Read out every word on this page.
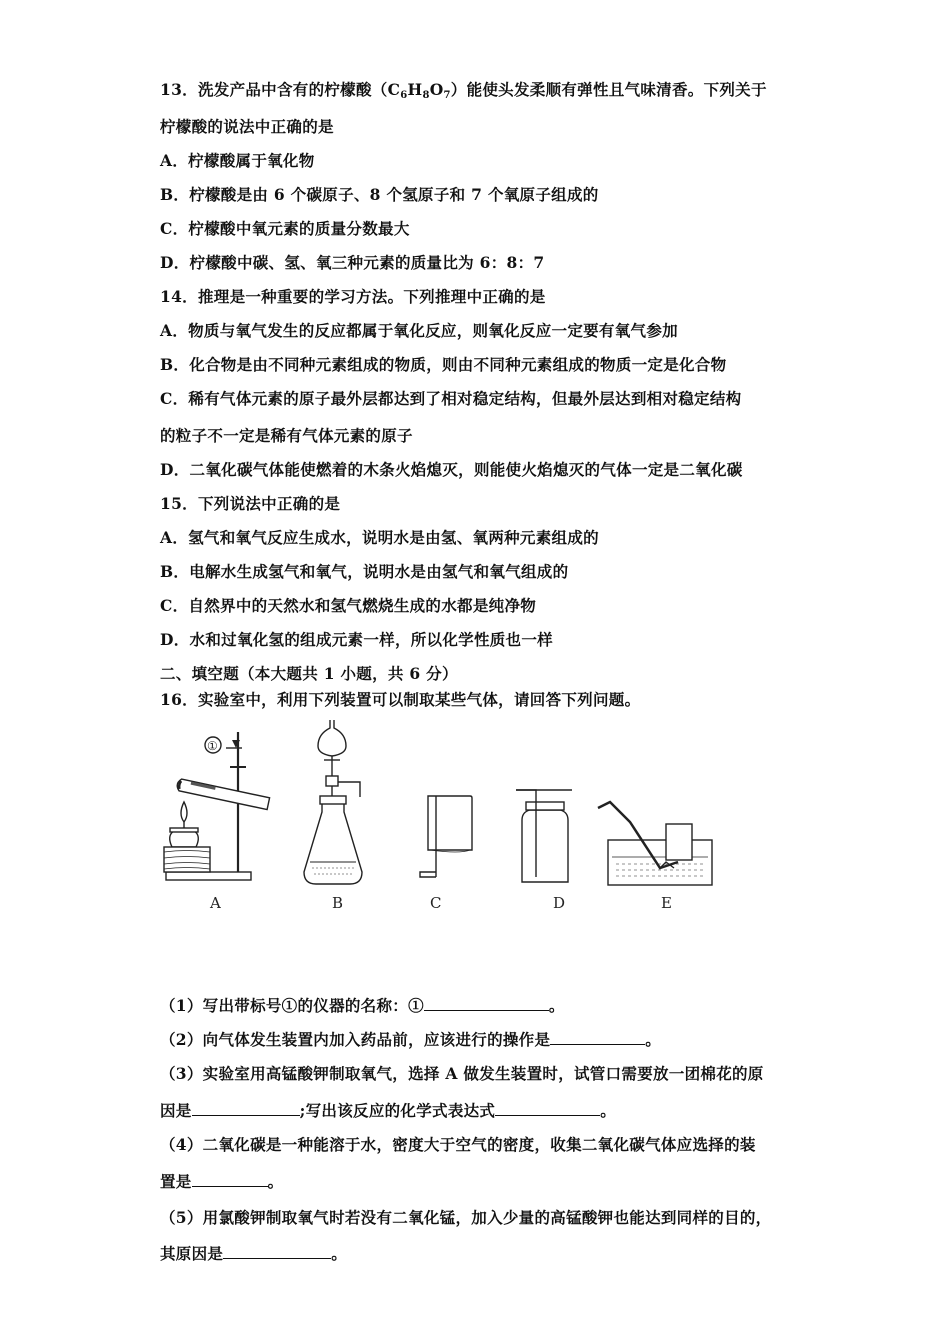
13．洗发产品中含有的柠檬酸$(C_6H_8O_7)$能使头发柔顺有弹性且气味清香。下列关于
柠檬酸的说法中正确的是
A．柠檬酸属于氧化物
B．柠檬酸是由 6 个碳原子、8 个氢原子和 7 个氧原子组成的
C．柠檬酸中氧元素的质量分数最大
D．柠檬酸中碳、氢、氧三种元素的质量比为 6：8：7
14．推理是一种重要的学习方法。下列推理中正确的是
A．物质与氧气发生的反应都属于氧化反应，则氧化反应一定要有氧气参加
B．化合物是由不同种元素组成的物质，则由不同种元素组成的物质一定是化合物
C．稀有气体元素的原子最外层都达到了相对稳定结构，但最外层达到相对稳定结构
的粒子不一定是稀有气体元素的原子
D．二氧化碳气体能使燃着的木条火焰熄灭，则能使火焰熄灭的气体一定是二氧化碳
15．下列说法中正确的是
A．氢气和氧气反应生成水，说明水是由氢、氧两种元素组成的
B．电解水生成氢气和氧气，说明水是由氢气和氧气组成的
C．自然界中的天然水和氢气燃烧生成的水都是纯净物
D．水和过氧化氢的组成元素一样，所以化学性质也一样
二、填空题（本大题共 1 小题，共 6 分）
16．实验室中，利用下列装置可以制取某些气体，请回答下列问题。
①
A	B	C	D	E
（1）写出带标号①的仪器的名称：①	。
（2）向气体发生装置内加入药品前，应该进行的操作是	。
（3）实验室用高锰酸钾制取氧气，选择 A 做发生装置时，试管口需要放一团棉花的原
因是	;写出该反应的化学式表达式	。
（4）二氧化碳是一种能溶于水，密度大于空气的密度，收集二氧化碳气体应选择的装
置是	。
（5）用氯酸钾制取氧气时若没有二氧化锰，加入少量的高锰酸钾也能达到同样的目的，
其原因是	。
